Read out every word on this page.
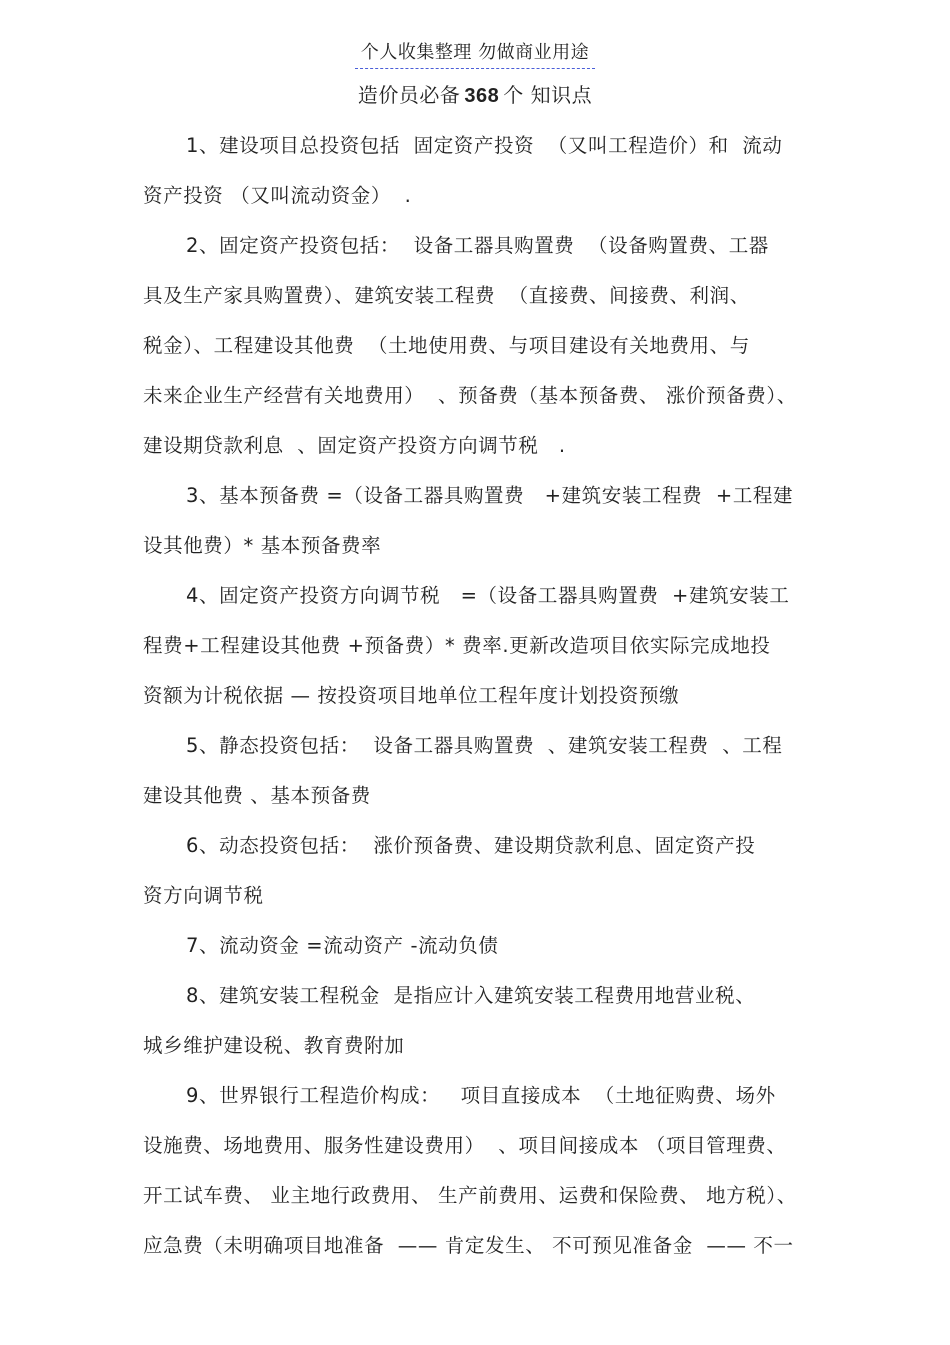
个人收集整理 勿做商业用途
造价员必备 368 个 知识点
1、建设项目总投资包括  固定资产投资  （又叫工程造价）和  流动
资产投资 （又叫流动资金）  .
2、固定资产投资包括：  设备工器具购置费  （设备购置费、工器
具及生产家具购置费）、建筑安装工程费  （直接费、间接费、利润、
税金）、工程建设其他费  （土地使用费、与项目建设有关地费用、与
未来企业生产经营有关地费用）  、预备费（基本预备费、 涨价预备费）、
建设期贷款利息  、固定资产投资方向调节税   .
3、基本预备费 =（设备工器具购置费   +建筑安装工程费  +工程建
设其他费）* 基本预备费率
4、固定资产投资方向调节税   =（设备工器具购置费  +建筑安装工
程费+工程建设其他费 +预备费）* 费率.更新改造项目依实际完成地投
资额为计税依据 — 按投资项目地单位工程年度计划投资预缴
5、静态投资包括：  设备工器具购置费  、建筑安装工程费  、工程
建设其他费 、基本预备费
6、动态投资包括：  涨价预备费、建设期贷款利息、固定资产投
资方向调节税
7、流动资金 =流动资产 -流动负债
8、建筑安装工程税金  是指应计入建筑安装工程费用地营业税、
城乡维护建设税、教育费附加
9、世界银行工程造价构成：   项目直接成本  （土地征购费、场外
设施费、场地费用、服务性建设费用）  、项目间接成本 （项目管理费、
开工试车费、 业主地行政费用、 生产前费用、运费和保险费、 地方税）、
应急费（未明确项目地准备  —— 肯定发生、 不可预见准备金  —— 不一
